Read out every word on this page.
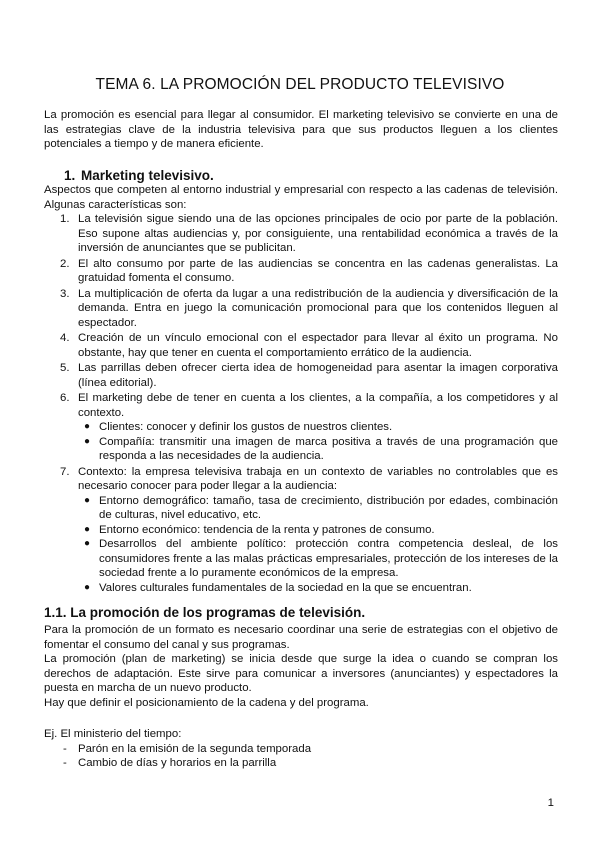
TEMA 6. LA PROMOCIÓN DEL PRODUCTO TELEVISIVO

La promoción es esencial para llegar al consumidor. El marketing televisivo se convierte en una de las estrategias clave de la industria televisiva para que sus productos lleguen a los clientes potenciales a tiempo y de manera eficiente.

1. Marketing televisivo.

Aspectos que competen al entorno industrial y empresarial con respecto a las cadenas de televisión. Algunas características son:

1. La televisión sigue siendo una de las opciones principales de ocio por parte de la población. Eso supone altas audiencias y, por consiguiente, una rentabilidad económica a través de la inversión de anunciantes que se publicitan.
2. El alto consumo por parte de las audiencias se concentra en las cadenas generalistas. La gratuidad fomenta el consumo.
3. La multiplicación de oferta da lugar a una redistribución de la audiencia y diversificación de la demanda. Entra en juego la comunicación promocional para que los contenidos lleguen al espectador.
4. Creación de un vínculo emocional con el espectador para llevar al éxito un programa. No obstante, hay que tener en cuenta el comportamiento errático de la audiencia.
5. Las parrillas deben ofrecer cierta idea de homogeneidad para asentar la imagen corporativa (línea editorial).
6. El marketing debe de tener en cuenta a los clientes, a la compañía, a los competidores y al contexto.
● Clientes: conocer y definir los gustos de nuestros clientes.
● Compañía: transmitir una imagen de marca positiva a través de una programación que responda a las necesidades de la audiencia.
7. Contexto: la empresa televisiva trabaja en un contexto de variables no controlables que es necesario conocer para poder llegar a la audiencia:
● Entorno demográfico: tamaño, tasa de crecimiento, distribución por edades, combinación de culturas, nivel educativo, etc.
● Entorno económico: tendencia de la renta y patrones de consumo.
● Desarrollos del ambiente político: protección contra competencia desleal, de los consumidores frente a las malas prácticas empresariales, protección de los intereses de la sociedad frente a lo puramente económicos de la empresa.
● Valores culturales fundamentales de la sociedad en la que se encuentran.
1.1. La promoción de los programas de televisión.

Para la promoción de un formato es necesario coordinar una serie de estrategias con el objetivo de fomentar el consumo del canal y sus programas.

La promoción (plan de marketing) se inicia desde que surge la idea o cuando se compran los derechos de adaptación. Este sirve para comunicar a inversores (anunciantes) y espectadores la puesta en marcha de un nuevo producto.

Hay que definir el posicionamiento de la cadena y del programa.

Ej. El ministerio del tiempo:

- Parón en la emisión de la segunda temporada
- Cambio de días y horarios en la parrilla
1
